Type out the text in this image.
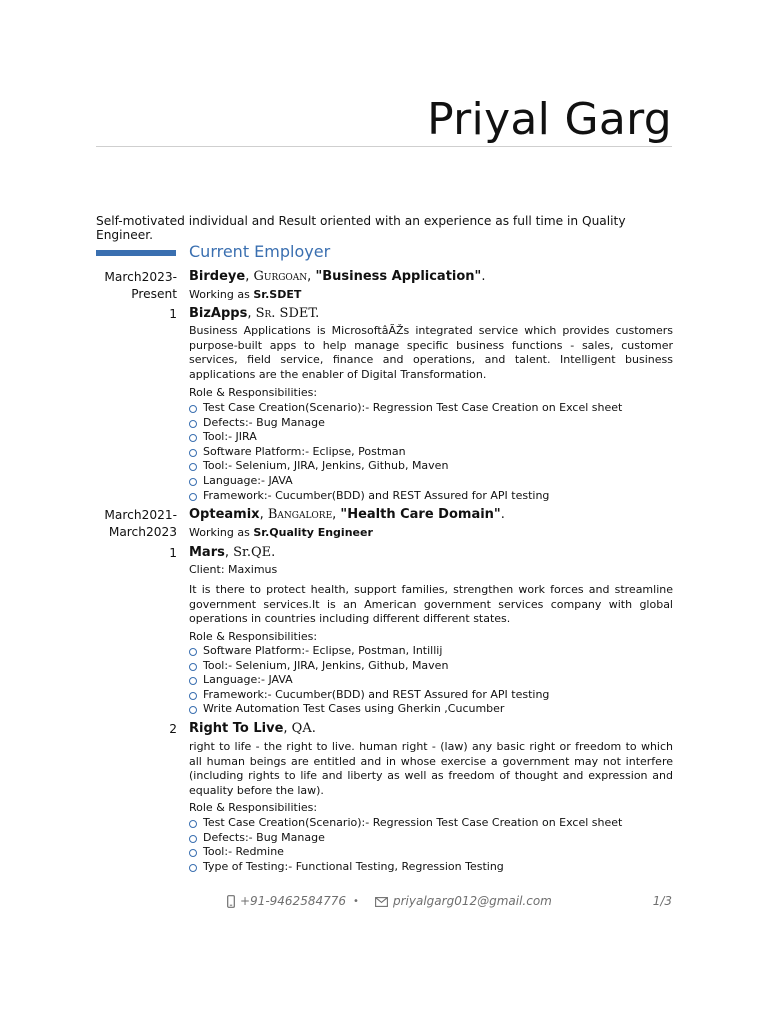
Priyal Garg
Self-motivated individual and Result oriented with an experience as full time in Quality Engineer.
Current Employer
March2023-
Present
Birdeye, Gurgoan, "Business Application".
Working as Sr.SDET
1 BizApps, Sr. SDET.
Business Applications is MicrosoftâÃŽs integrated service which provides customers purpose-built apps to help manage specific business functions - sales, customer services, field service, finance and operations, and talent. Intelligent business applications are the enabler of Digital Transformation.
Role & Responsibilities:
Test Case Creation(Scenario):- Regression Test Case Creation on Excel sheet
Defects:- Bug Manage
Tool:- JIRA
Software Platform:- Eclipse, Postman
Tool:- Selenium, JIRA, Jenkins, Github, Maven
Language:- JAVA
Framework:- Cucumber(BDD) and REST Assured for API testing
March2021-
March2023
Opteamix, Bangalore, "Health Care Domain".
Working as Sr.Quality Engineer
1 Mars, Sr.QE.
Client: Maximus
It is there to protect health, support families, strengthen work forces and streamline government services.It is an American government services company with global operations in countries including different different states.
Role & Responsibilities:
Software Platform:- Eclipse, Postman, Intillij
Tool:- Selenium, JIRA, Jenkins, Github, Maven
Language:- JAVA
Framework:- Cucumber(BDD) and REST Assured for API testing
Write Automation Test Cases using Gherkin ,Cucumber
2 Right To Live, QA.
right to life - the right to live. human right - (law) any basic right or freedom to which all human beings are entitled and in whose exercise a government may not interfere (including rights to life and liberty as well as freedom of thought and expression and equality before the law).
Role & Responsibilities:
Test Case Creation(Scenario):- Regression Test Case Creation on Excel sheet
Defects:- Bug Manage
Tool:- Redmine
Type of Testing:- Functional Testing, Regression Testing
+91-9462584776 •	priyalgarg012@gmail.com	1/3
